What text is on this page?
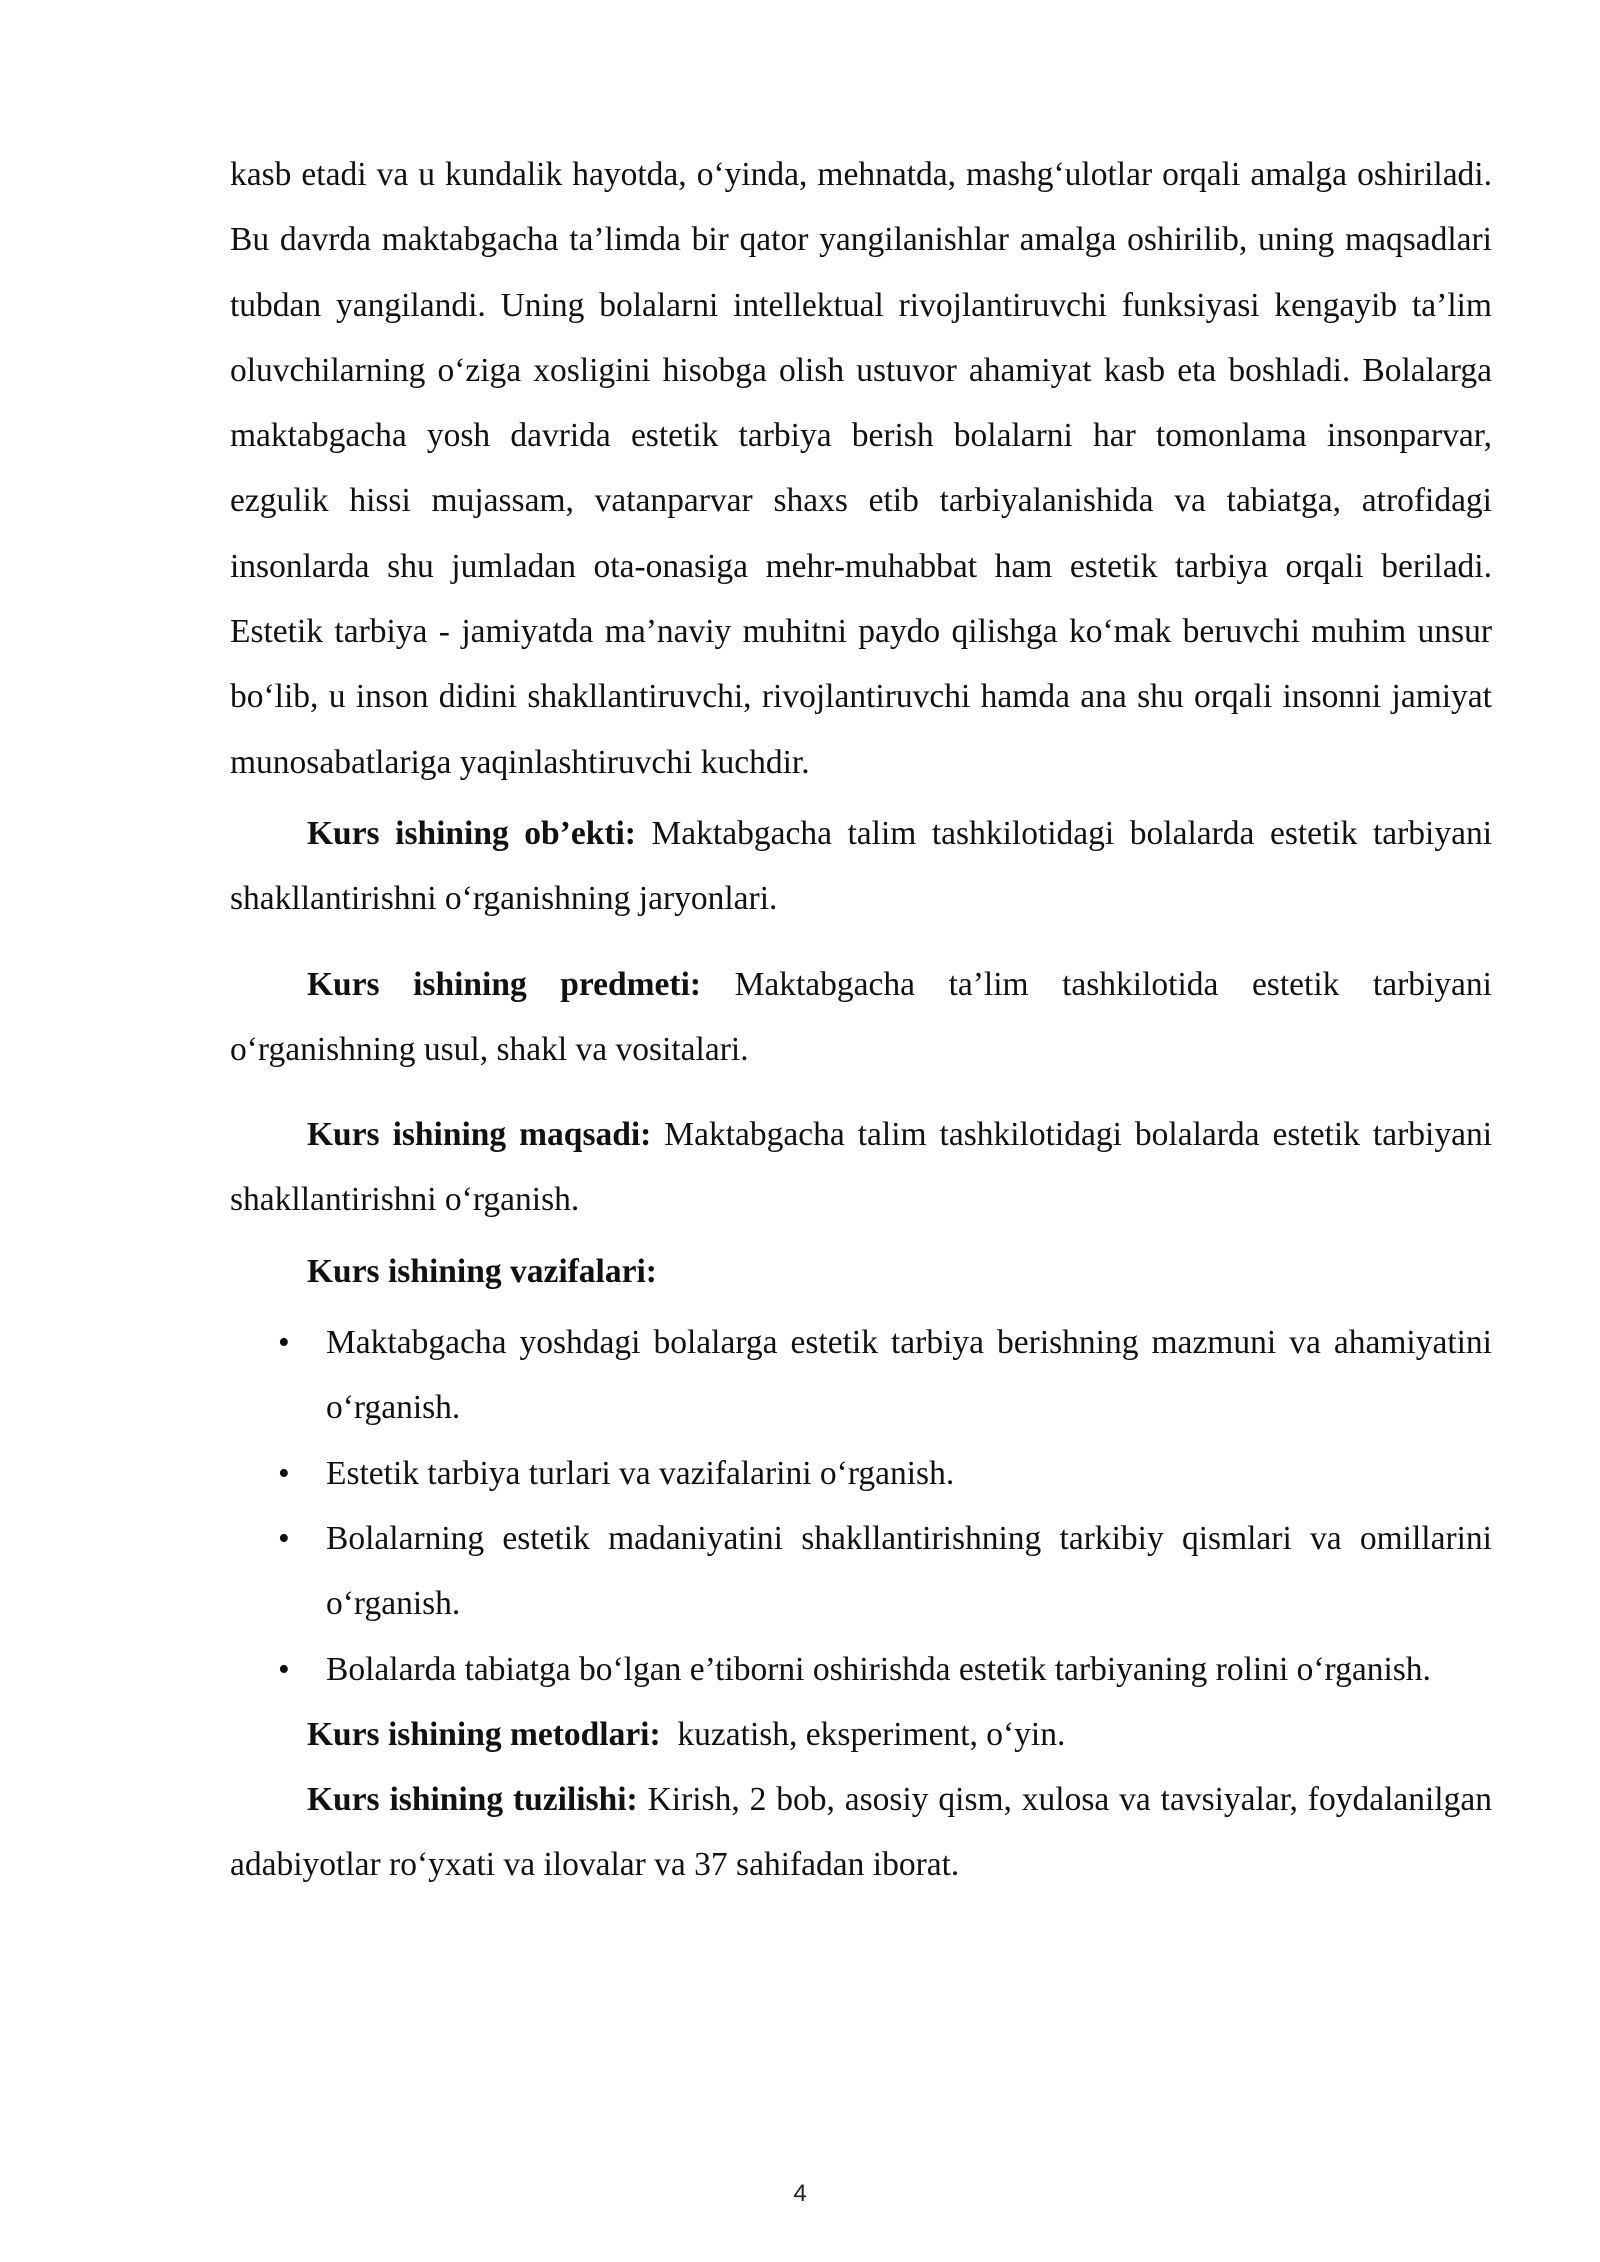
kasb etadi va u kundalik hayotda, o‘yinda, mehnatda, mashg‘ulotlar orqali amalga oshiriladi. Bu davrda maktabgacha ta’limda bir qator yangilanishlar amalga oshirilib, uning maqsadlari tubdan yangilandi. Uning bolalarni intellektual rivojlantiruvchi funksiyasi kengayib ta’lim oluvchilarning o‘ziga xosligini hisobga olish ustuvor ahamiyat kasb eta boshladi. Bolalarga maktabgacha yosh davrida estetik tarbiya berish bolalarni har tomonlama insonparvar, ezgulik hissi mujassam, vatanparvar shaxs etib tarbiyalanishida va tabiatga, atrofidagi insonlarda shu jumladan ota-onasiga mehr-muhabbat ham estetik tarbiya orqali beriladi. Estetik tarbiya - jamiyatda ma’naviy muhitni paydo qilishga ko‘mak beruvchi muhim unsur bo‘lib, u inson didini shakllantiruvchi, rivojlantiruvchi hamda ana shu orqali insonni jamiyat munosabatlariga yaqinlashtiruvchi kuchdir.

Kurs ishining ob’ekti: Maktabgacha talim tashkilotidagi bolalarda estetik tarbiyani shakllantirishni o‘rganishning jaryonlari.

Kurs ishining predmeti: Maktabgacha ta’lim tashkilotida estetik tarbiyani o‘rganishning usul, shakl va vositalari.

Kurs ishining maqsadi: Maktabgacha talim tashkilotidagi bolalarda estetik tarbiyani shakllantirishni o‘rganish.

Kurs ishining vazifalari:

•	Maktabgacha yoshdagi bolalarga estetik tarbiya berishning mazmuni va ahamiyatini o‘rganish.
•	Estetik tarbiya turlari va vazifalarini o‘rganish.
•	Bolalarning estetik madaniyatini shakllantirishning tarkibiy qismlari va omillarini o‘rganish.
•	Bolalarda tabiatga bo‘lgan e’tiborni oshirishda estetik tarbiyaning rolini o‘rganish.

Kurs ishining metodlari:  kuzatish, eksperiment, o‘yin.

Kurs ishining tuzilishi: Kirish, 2 bob, asosiy qism, xulosa va tavsiyalar, foydalanilgan adabiyotlar ro‘yxati va ilovalar va 37 sahifadan iborat.

4
